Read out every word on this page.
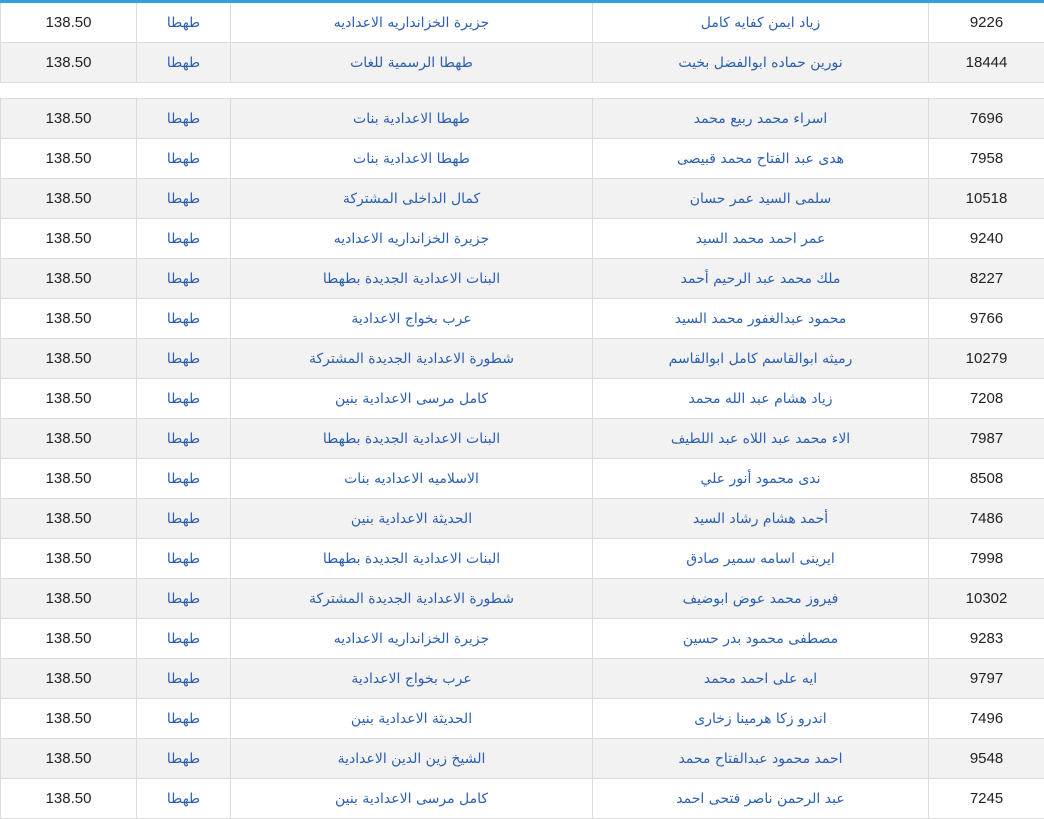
138.50	طهطا	جزيرة الخزانداريه الاعداديه	زياد ايمن كفايه كامل	9226
138.50	طهطا	طهطا الرسمية للغات	نورين حماده ابوالفضل بخيت	18444

138.50	طهطا	طهطا الاعدادية بنات	اسراء محمد ربيع محمد	7696
138.50	طهطا	طهطا الاعدادية بنات	هدى عبد الفتاح محمد قبيصى	7958
138.50	طهطا	كمال الداخلى المشتركة	سلمى السيد عمر حسان	10518
138.50	طهطا	جزيرة الخزانداريه الاعداديه	عمر احمد محمد السيد	9240
138.50	طهطا	البنات الاعدادية الجديدة بطهطا	ملك محمد عبد الرحيم أحمد	8227
138.50	طهطا	عرب بخواج الاعدادية	محمود عبدالغفور محمد السيد	9766
138.50	طهطا	شطورة الاعدادية الجديدة المشتركة	رميثه ابوالقاسم كامل ابوالقاسم	10279
138.50	طهطا	كامل مرسى الاعدادية بنين	زياد هشام عبد الله محمد	7208
138.50	طهطا	البنات الاعدادية الجديدة بطهطا	الاء محمد عبد اللاه عبد اللطيف	7987
138.50	طهطا	الاسلاميه الاعداديه بنات	ندى محمود أنور علي	8508
138.50	طهطا	الحديثة الاعدادية بنين	أحمد هشام رشاد السيد	7486
138.50	طهطا	البنات الاعدادية الجديدة بطهطا	ايرينى اسامه سمير صادق	7998
138.50	طهطا	شطورة الاعدادية الجديدة المشتركة	فيروز محمد عوض ابوضيف	10302
138.50	طهطا	جزيرة الخزانداريه الاعداديه	مصطفى محمود بدر حسين	9283
138.50	طهطا	عرب بخواج الاعدادية	ايه على احمد محمد	9797
138.50	طهطا	الحديثة الاعدادية بنين	اندرو زكا هرمينا زخارى	7496
138.50	طهطا	الشيخ زين الدين الاعدادية	احمد محمود عبدالفتاح محمد	9548
138.50	طهطا	كامل مرسى الاعدادية بنين	عبد الرحمن ناصر فتحى احمد	7245
